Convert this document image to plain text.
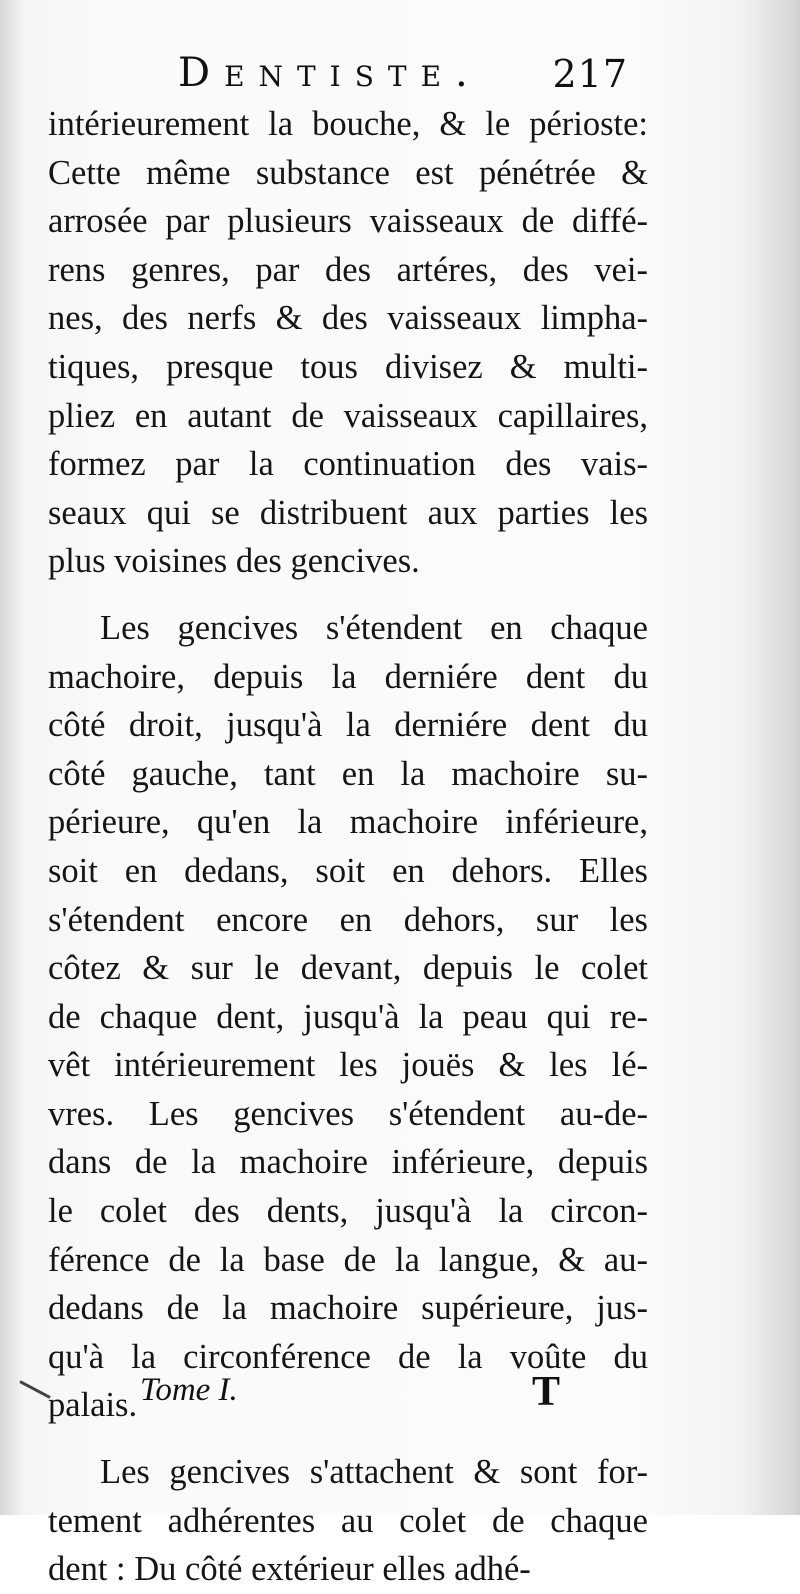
Dentiste. 217
intérieurement la bouche, & le périoste:
Cette même substance est pénétrée &
arrosée par plusieurs vaisseaux de diffé-
rens genres, par des artéres, des vei-
nes, des nerfs & des vaisseaux limpha-
tiques, presque tous divisez & multi-
pliez en autant de vaisseaux capillaires,
formez par la continuation des vais-
seaux qui se distribuent aux parties les
plus voisines des gencives.
Les gencives s'étendent en chaque
machoire, depuis la derniére dent du
côté droit, jusqu'à la derniére dent du
côté gauche, tant en la machoire su-
périeure, qu'en la machoire inférieure,
soit en dedans, soit en dehors. Elles
s'étendent encore en dehors, sur les
côtez & sur le devant, depuis le colet
de chaque dent, jusqu'à la peau qui re-
vêt intérieurement les jouës & les lé-
vres. Les gencives s'étendent au-de-
dans de la machoire inférieure, depuis
le colet des dents, jusqu'à la circon-
férence de la base de la langue, & au-
dedans de la machoire supérieure, jus-
qu'à la circonférence de la voûte du
palais.
Les gencives s'attachent & sont for-
tement adhérentes au colet de chaque
dent : Du côté extérieur elles adhé-
Tome I.	T
